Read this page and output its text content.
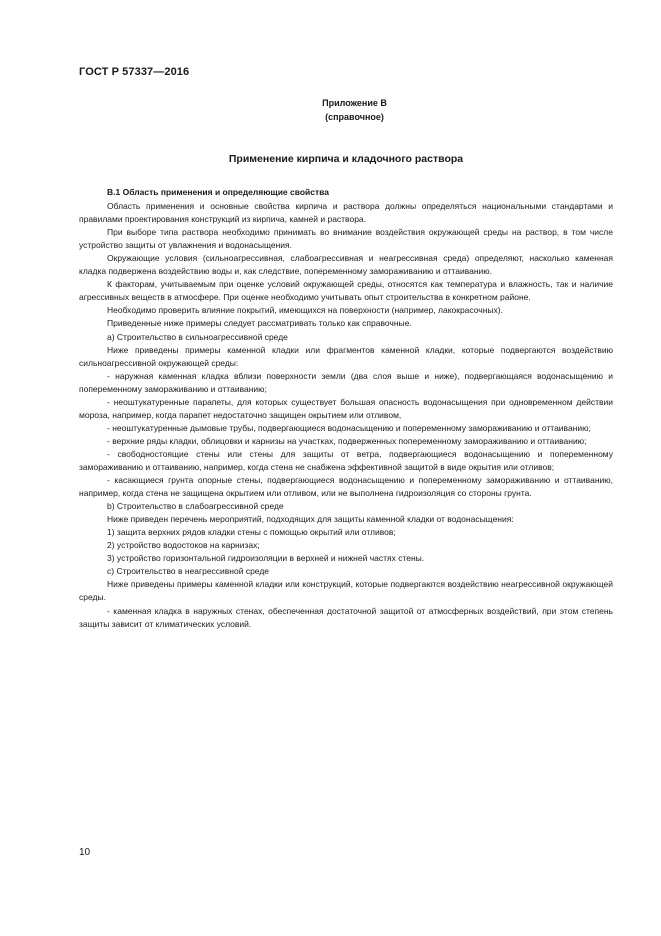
ГОСТ Р 57337—2016
Приложение В
(справочное)
Применение кирпича и кладочного раствора

В.1 Область применения и определяющие свойства

Область применения и основные свойства кирпича и раствора должны определяться национальными стандартами и правилами проектирования конструкций из кирпича, камней и раствора.

При выборе типа раствора необходимо принимать во внимание воздействия окружающей среды на раствор, в том числе устройство защиты от увлажнения и водонасыщения.

Окружающие условия (сильноагрессивная, слабоагрессивная и неагрессивная среда) определяют, насколько каменная кладка подвержена воздействию воды и, как следствие, попеременному замораживанию и оттаиванию.

К факторам, учитываемым при оценке условий окружающей среды, относятся как температура и влажность, так и наличие агрессивных веществ в атмосфере. При оценке необходимо учитывать опыт строительства в конкретном районе.

Необходимо проверить влияние покрытий, имеющихся на поверхности (например, лакокрасочных).

Приведенные ниже примеры следует рассматривать только как справочные.

а) Строительство в сильноагрессивной среде

Ниже приведены примеры каменной кладки или фрагментов каменной кладки, которые подвергаются воздействию сильноагрессивной окружающей среды:

- наружная каменная кладка вблизи поверхности земли (два слоя выше и ниже), подвергающаяся водонасыщению и попеременному замораживанию и оттаиванию;

- неоштукатуренные парапеты, для которых существует большая опасность водонасыщения при одновременном действии мороза, например, когда парапет недостаточно защищен окрытием или отливом,

- неоштукатуренные дымовые трубы, подвергающиеся водонасыщению и попеременному замораживанию и оттаиванию;

- верхние ряды кладки, облицовки и карнизы на участках, подверженных попеременному замораживанию и оттаиванию;

- свободностоящие стены или стены для защиты от ветра, подвергающиеся водонасыщению и попеременному замораживанию и оттаиванию, например, когда стена не снабжена эффективной защитой в виде окрытия или отливов;

- касающиеся грунта опорные стены, подвергающиеся водонасыщению и попеременному замораживанию и оттаиванию, например, когда стена не защищена окрытием или отливом, или не выполнена гидроизоляция со стороны грунта.

b) Строительство в слабоагрессивной среде

Ниже приведен перечень мероприятий, подходящих для защиты каменной кладки от водонасыщения:

1) защита верхних рядов кладки стены с помощью окрытий или отливов;

2) устройство водостоков на карнизах;

3) устройство горизонтальной гидроизоляции в верхней и нижней частях стены.

с) Строительство в неагрессивной среде

Ниже приведены примеры каменной кладки или конструкций, которые подвергаются воздействию неагрессивной окружающей среды.

- каменная кладка в наружных стенах, обеспеченная достаточной защитой от атмосферных воздействий, при этом степень защиты зависит от климатических условий.

10
